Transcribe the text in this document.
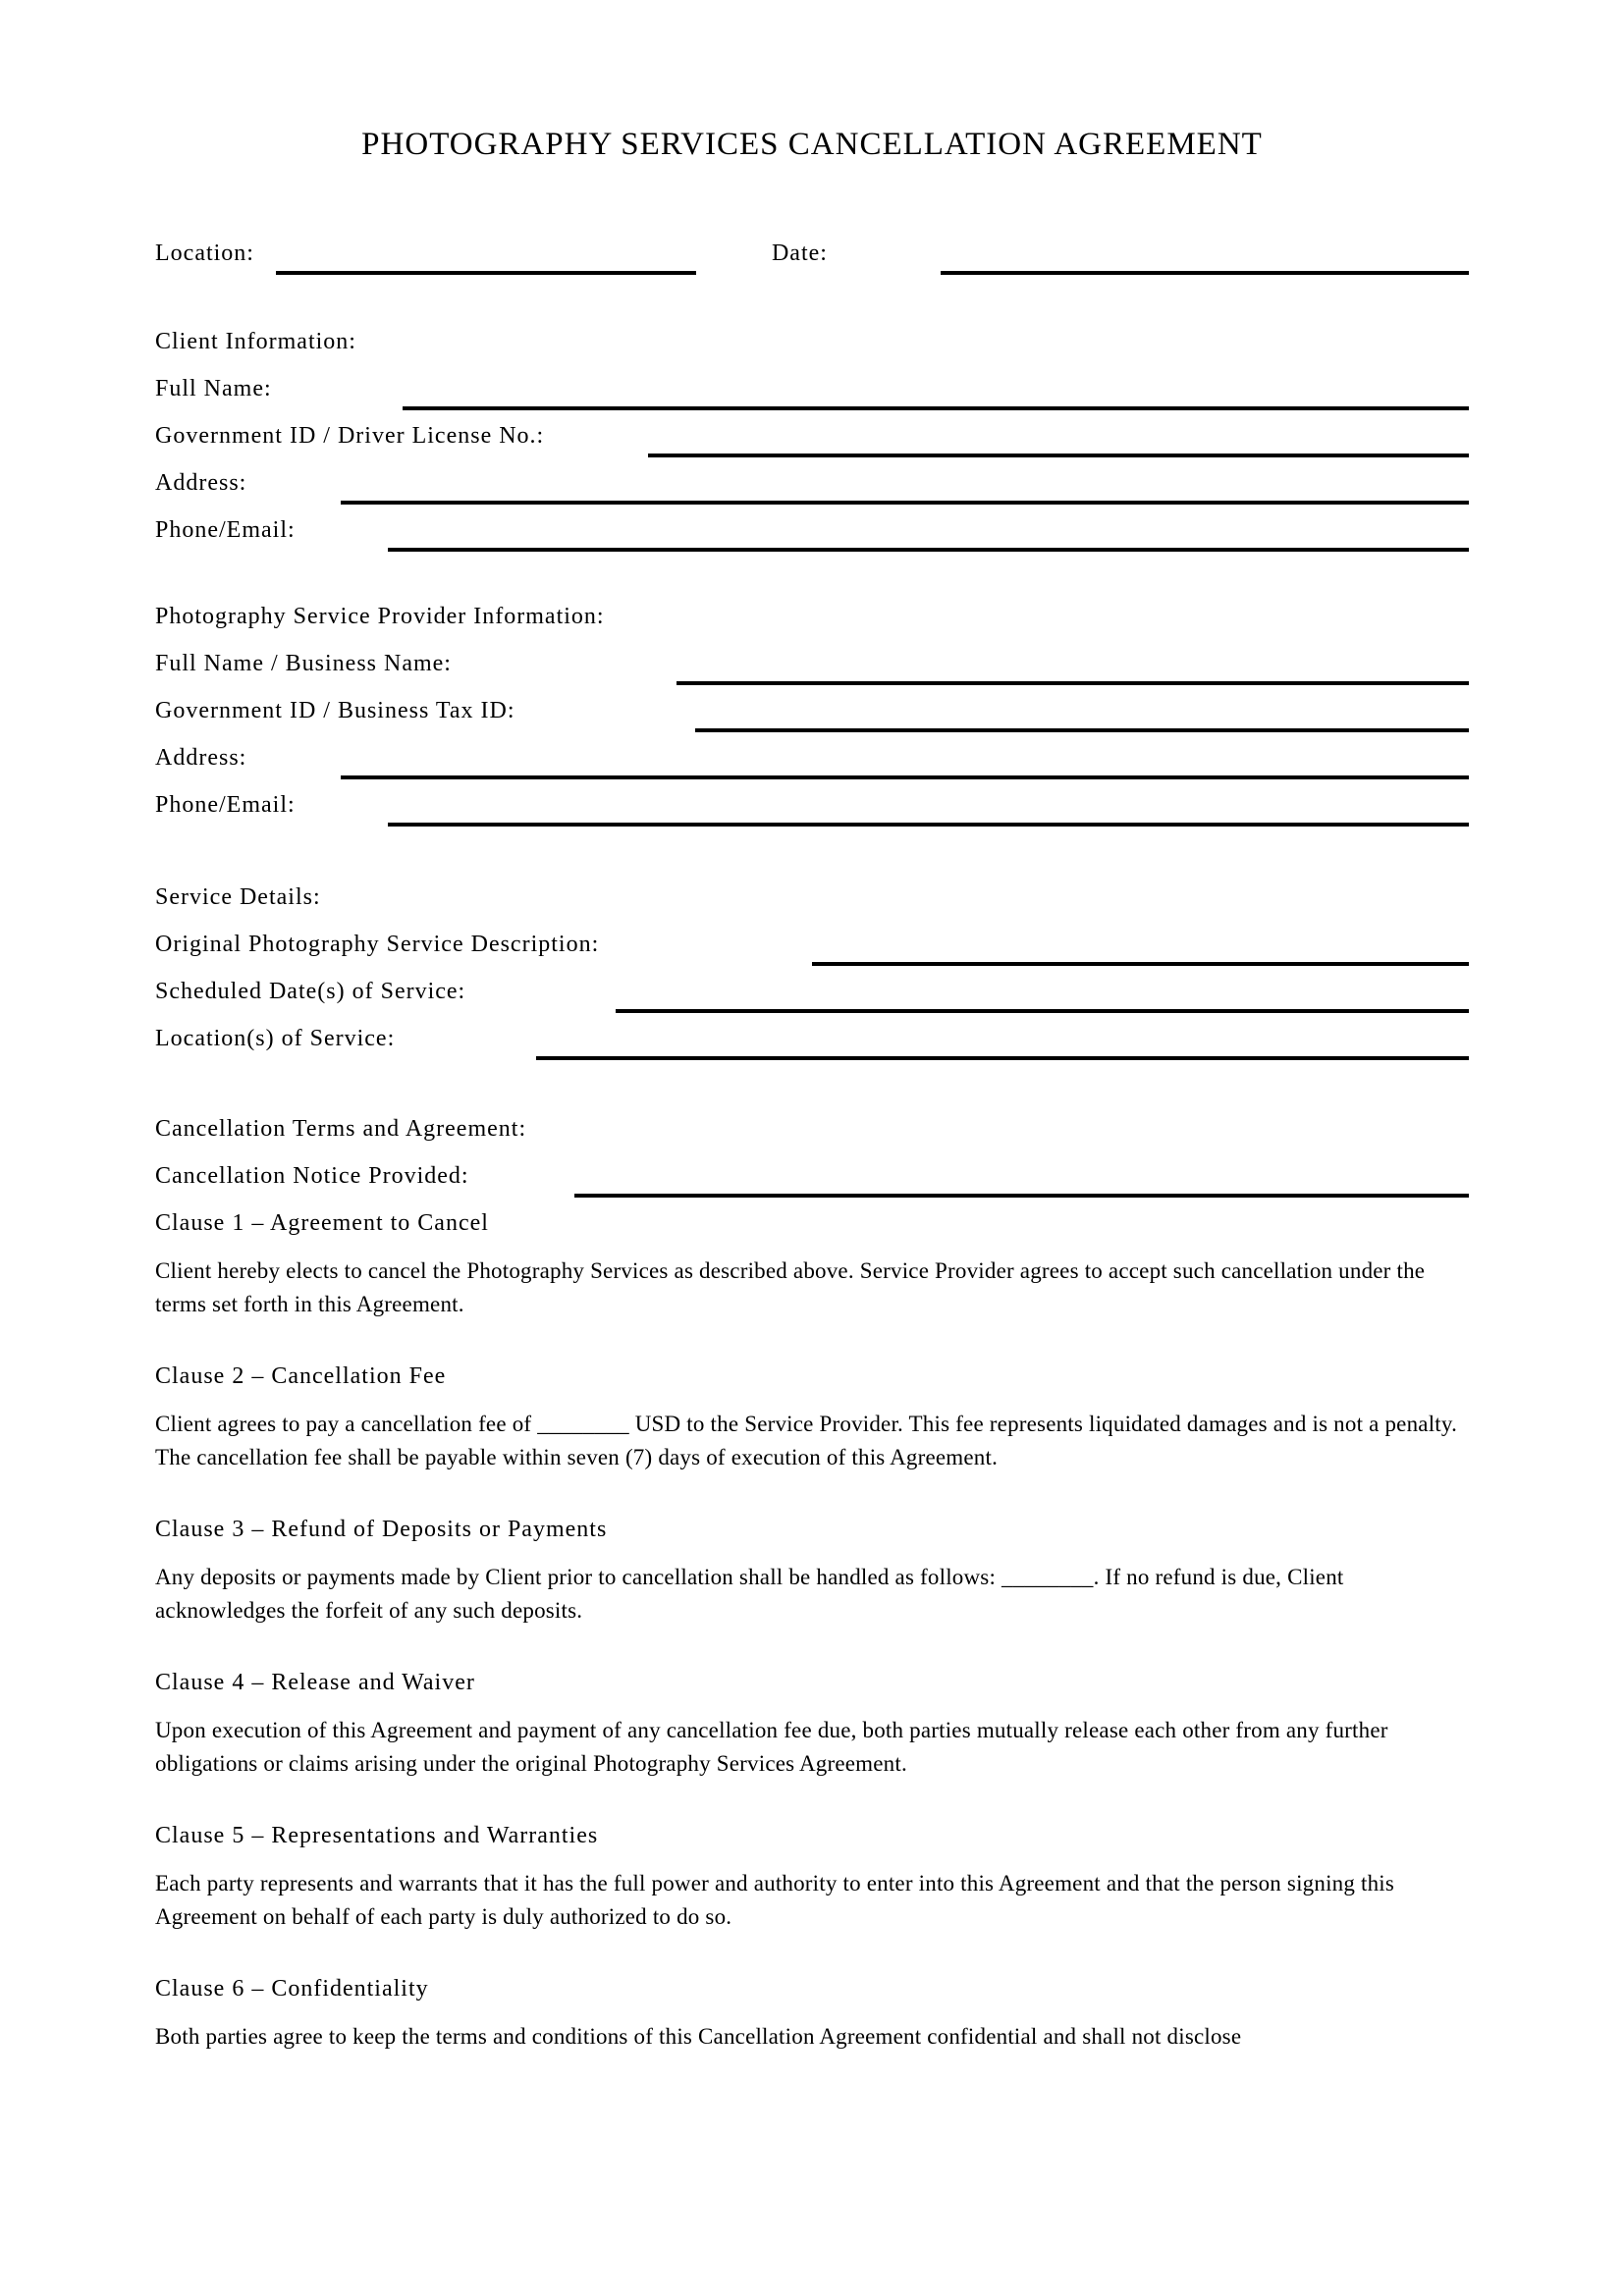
PHOTOGRAPHY SERVICES CANCELLATION AGREEMENT
Location:	Date:
Client Information:
Full Name:
Government ID / Driver License No.:
Address:
Phone/Email:
Photography Service Provider Information:
Full Name / Business Name:
Government ID / Business Tax ID:
Address:
Phone/Email:
Service Details:
Original Photography Service Description:
Scheduled Date(s) of Service:
Location(s) of Service:
Cancellation Terms and Agreement:
Cancellation Notice Provided:
Clause 1 – Agreement to Cancel

Client hereby elects to cancel the Photography Services as described above. Service Provider agrees to accept such cancellation under the terms set forth in this Agreement.

Clause 2 – Cancellation Fee

Client agrees to pay a cancellation fee of ________ USD to the Service Provider. This fee represents liquidated damages and is not a penalty. The cancellation fee shall be payable within seven (7) days of execution of this Agreement.

Clause 3 – Refund of Deposits or Payments

Any deposits or payments made by Client prior to cancellation shall be handled as follows: ________. If no refund is due, Client acknowledges the forfeit of any such deposits.

Clause 4 – Release and Waiver

Upon execution of this Agreement and payment of any cancellation fee due, both parties mutually release each other from any further obligations or claims arising under the original Photography Services Agreement.

Clause 5 – Representations and Warranties

Each party represents and warrants that it has the full power and authority to enter into this Agreement and that the person signing this Agreement on behalf of each party is duly authorized to do so.

Clause 6 – Confidentiality

Both parties agree to keep the terms and conditions of this Cancellation Agreement confidential and shall not disclose
